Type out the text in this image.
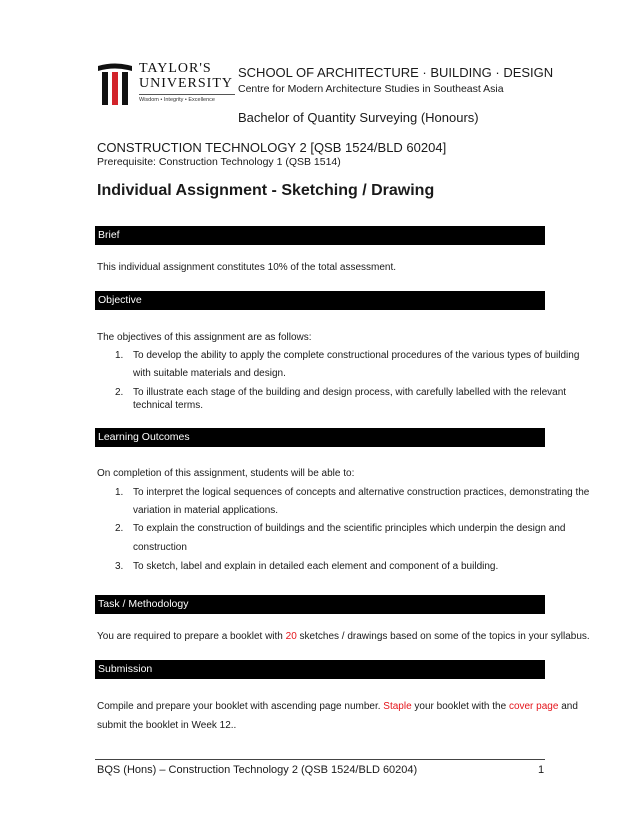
TAYLOR'S
UNIVERSITY
Wisdom • Integrity • Excellence
SCHOOL OF ARCHITECTURE · BUILDING · DESIGN
Centre for Modern Architecture Studies in Southeast Asia
Bachelor of Quantity Surveying (Honours)
CONSTRUCTION TECHNOLOGY 2 [QSB 1524/BLD 60204]
Prerequisite: Construction Technology 1 (QSB 1514)
Individual Assignment - Sketching / Drawing
Brief
This individual assignment constitutes 10% of the total assessment.
Objective
The objectives of this assignment are as follows:
1. To develop the ability to apply the complete constructional procedures of the various types of building
with suitable materials and design.
2. To illustrate each stage of the building and design process, with carefully labelled with the relevant
technical terms.
Learning Outcomes
On completion of this assignment, students will be able to:
1. To interpret the logical sequences of concepts and alternative construction practices, demonstrating the
variation in material applications.
2. To explain the construction of buildings and the scientific principles which underpin the design and
construction
3. To sketch, label and explain in detailed each element and component of a building.
Task / Methodology
You are required to prepare a booklet with 20 sketches / drawings based on some of the topics in your syllabus.
Submission
Compile and prepare your booklet with ascending page number. Staple your booklet with the cover page and
submit the booklet in Week 12..
BQS (Hons) – Construction Technology 2 (QSB 1524/BLD 60204)	1
